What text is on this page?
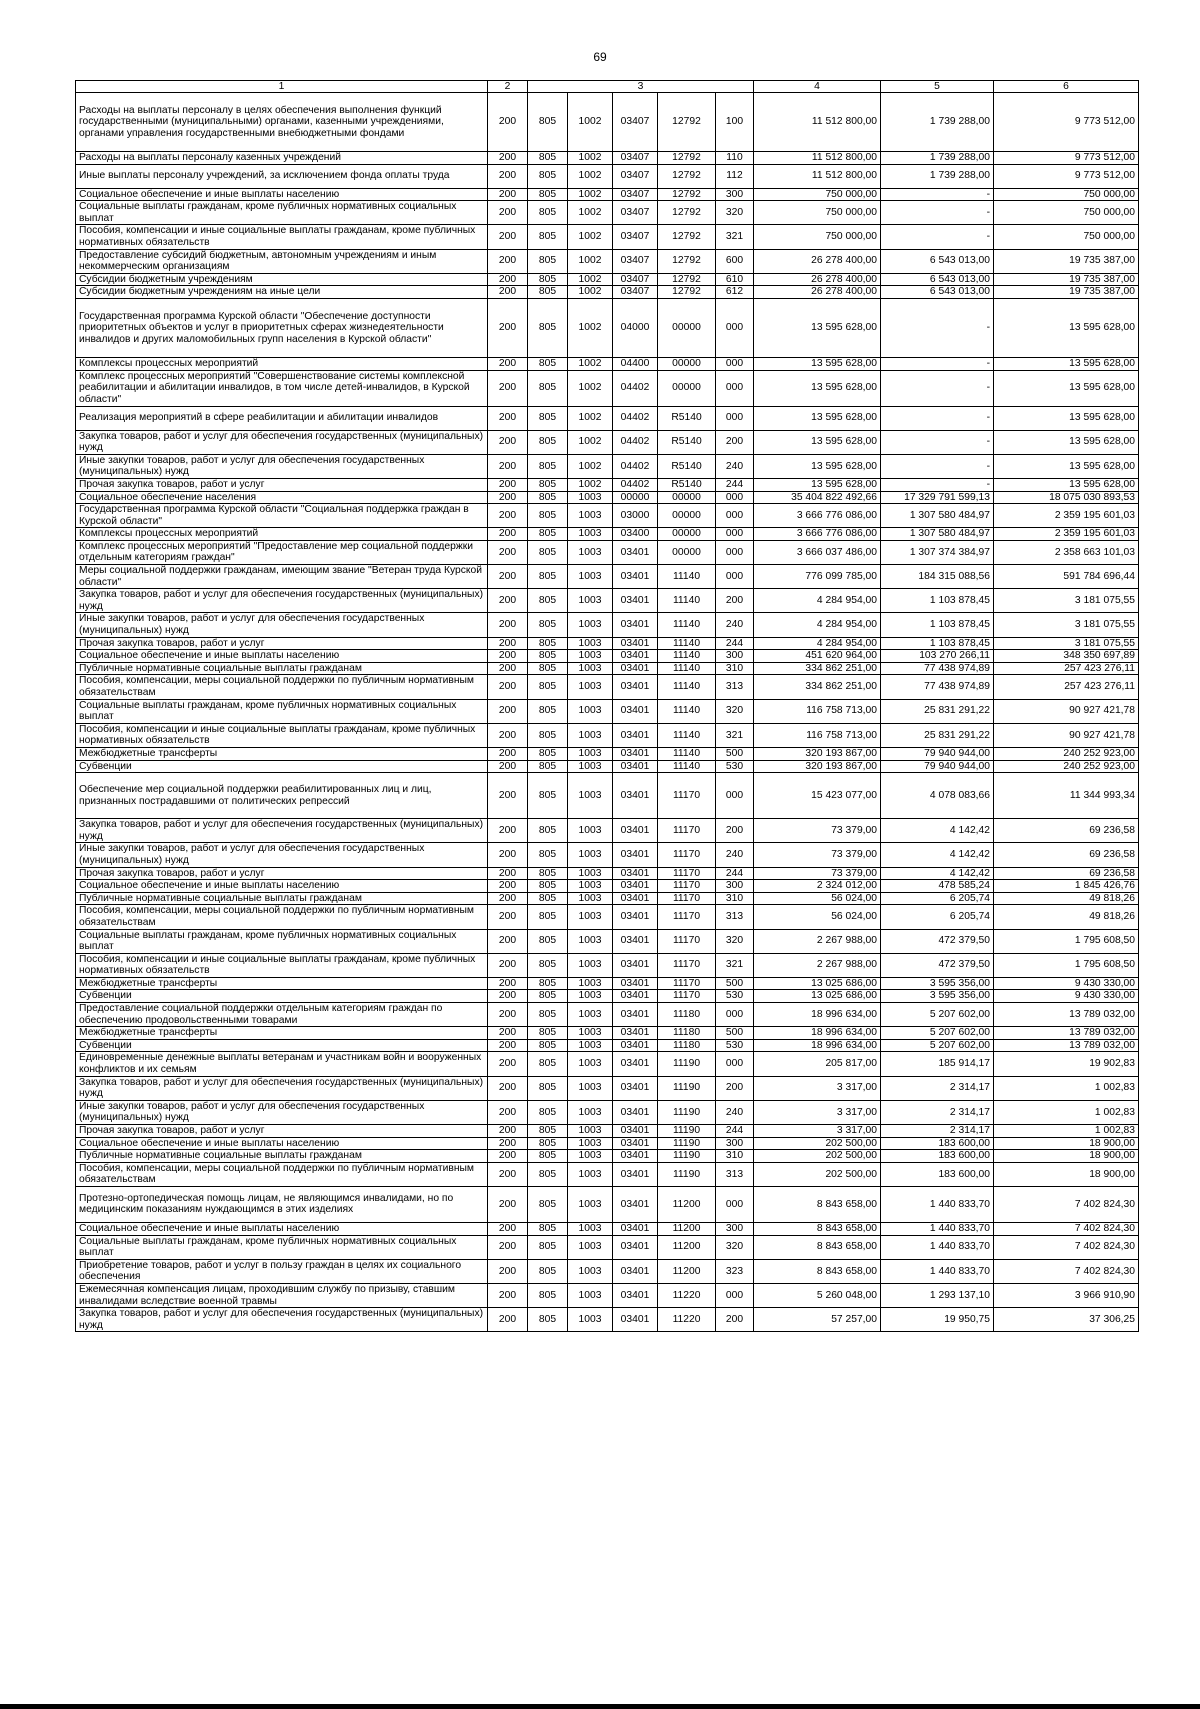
69
1	2	3					4	5	6
Расходы на выплаты персоналу в целях обеспечения выполнения функций государственными (муниципальными) органами, казенными учреждениями, органами управления государственными внебюджетными фондами	200	805	1002	03407	12792	100	11 512 800,00	1 739 288,00	9 773 512,00
Расходы на выплаты персоналу казенных учреждений	200	805	1002	03407	12792	110	11 512 800,00	1 739 288,00	9 773 512,00
Иные выплаты персоналу учреждений, за исключением фонда оплаты труда	200	805	1002	03407	12792	112	11 512 800,00	1 739 288,00	9 773 512,00
Социальное обеспечение и иные выплаты населению	200	805	1002	03407	12792	300	750 000,00	-	750 000,00
Социальные выплаты гражданам, кроме публичных нормативных социальных выплат	200	805	1002	03407	12792	320	750 000,00	-	750 000,00
Пособия, компенсации и иные социальные выплаты гражданам, кроме публичных нормативных обязательств	200	805	1002	03407	12792	321	750 000,00	-	750 000,00
Предоставление субсидий бюджетным, автономным учреждениям и иным некоммерческим организациям	200	805	1002	03407	12792	600	26 278 400,00	6 543 013,00	19 735 387,00
Субсидии бюджетным учреждениям	200	805	1002	03407	12792	610	26 278 400,00	6 543 013,00	19 735 387,00
Субсидии бюджетным учреждениям на иные цели	200	805	1002	03407	12792	612	26 278 400,00	6 543 013,00	19 735 387,00
Государственная программа Курской области "Обеспечение доступности приоритетных объектов и услуг в приоритетных сферах жизнедеятельности инвалидов и других маломобильных групп населения в Курской области"	200	805	1002	04000	00000	000	13 595 628,00	-	13 595 628,00
Комплексы процессных мероприятий	200	805	1002	04400	00000	000	13 595 628,00	-	13 595 628,00
Комплекс процессных мероприятий "Совершенствование системы комплексной реабилитации и абилитации инвалидов, в том числе детей-инвалидов, в Курской области"	200	805	1002	04402	00000	000	13 595 628,00	-	13 595 628,00
Реализация мероприятий в сфере реабилитации и абилитации инвалидов	200	805	1002	04402	R5140	000	13 595 628,00	-	13 595 628,00
Закупка товаров, работ и услуг для обеспечения государственных (муниципальных) нужд	200	805	1002	04402	R5140	200	13 595 628,00	-	13 595 628,00
Иные закупки товаров, работ и услуг для обеспечения государственных (муниципальных) нужд	200	805	1002	04402	R5140	240	13 595 628,00	-	13 595 628,00
Прочая закупка товаров, работ и услуг	200	805	1002	04402	R5140	244	13 595 628,00	-	13 595 628,00
Социальное обеспечение населения	200	805	1003	00000	00000	000	35 404 822 492,66	17 329 791 599,13	18 075 030 893,53
Государственная программа Курской области "Социальная поддержка граждан в Курской области"	200	805	1003	03000	00000	000	3 666 776 086,00	1 307 580 484,97	2 359 195 601,03
Комплексы процессных мероприятий	200	805	1003	03400	00000	000	3 666 776 086,00	1 307 580 484,97	2 359 195 601,03
Комплекс процессных мероприятий "Предоставление мер социальной поддержки отдельным категориям граждан"	200	805	1003	03401	00000	000	3 666 037 486,00	1 307 374 384,97	2 358 663 101,03
Меры социальной поддержки гражданам, имеющим звание "Ветеран труда Курской области"	200	805	1003	03401	11140	000	776 099 785,00	184 315 088,56	591 784 696,44
Закупка товаров, работ и услуг для обеспечения государственных (муниципальных) нужд	200	805	1003	03401	11140	200	4 284 954,00	1 103 878,45	3 181 075,55
Иные закупки товаров, работ и услуг для обеспечения государственных (муниципальных) нужд	200	805	1003	03401	11140	240	4 284 954,00	1 103 878,45	3 181 075,55
Прочая закупка товаров, работ и услуг	200	805	1003	03401	11140	244	4 284 954,00	1 103 878,45	3 181 075,55
Социальное обеспечение и иные выплаты населению	200	805	1003	03401	11140	300	451 620 964,00	103 270 266,11	348 350 697,89
Публичные нормативные социальные выплаты гражданам	200	805	1003	03401	11140	310	334 862 251,00	77 438 974,89	257 423 276,11
Пособия, компенсации, меры социальной поддержки по публичным нормативным обязательствам	200	805	1003	03401	11140	313	334 862 251,00	77 438 974,89	257 423 276,11
Социальные выплаты гражданам, кроме публичных нормативных социальных выплат	200	805	1003	03401	11140	320	116 758 713,00	25 831 291,22	90 927 421,78
Пособия, компенсации и иные социальные выплаты гражданам, кроме публичных нормативных обязательств	200	805	1003	03401	11140	321	116 758 713,00	25 831 291,22	90 927 421,78
Межбюджетные трансферты	200	805	1003	03401	11140	500	320 193 867,00	79 940 944,00	240 252 923,00
Субвенции	200	805	1003	03401	11140	530	320 193 867,00	79 940 944,00	240 252 923,00
Обеспечение мер социальной поддержки реабилитированных лиц и лиц, признанных пострадавшими от политических репрессий	200	805	1003	03401	11170	000	15 423 077,00	4 078 083,66	11 344 993,34
Закупка товаров, работ и услуг для обеспечения государственных (муниципальных) нужд	200	805	1003	03401	11170	200	73 379,00	4 142,42	69 236,58
Иные закупки товаров, работ и услуг для обеспечения государственных (муниципальных) нужд	200	805	1003	03401	11170	240	73 379,00	4 142,42	69 236,58
Прочая закупка товаров, работ и услуг	200	805	1003	03401	11170	244	73 379,00	4 142,42	69 236,58
Социальное обеспечение и иные выплаты населению	200	805	1003	03401	11170	300	2 324 012,00	478 585,24	1 845 426,76
Публичные нормативные социальные выплаты гражданам	200	805	1003	03401	11170	310	56 024,00	6 205,74	49 818,26
Пособия, компенсации, меры социальной поддержки по публичным нормативным обязательствам	200	805	1003	03401	11170	313	56 024,00	6 205,74	49 818,26
Социальные выплаты гражданам, кроме публичных нормативных социальных выплат	200	805	1003	03401	11170	320	2 267 988,00	472 379,50	1 795 608,50
Пособия, компенсации и иные социальные выплаты гражданам, кроме публичных нормативных обязательств	200	805	1003	03401	11170	321	2 267 988,00	472 379,50	1 795 608,50
Межбюджетные трансферты	200	805	1003	03401	11170	500	13 025 686,00	3 595 356,00	9 430 330,00
Субвенции	200	805	1003	03401	11170	530	13 025 686,00	3 595 356,00	9 430 330,00
Предоставление социальной поддержки отдельным категориям граждан по обеспечению продовольственными товарами	200	805	1003	03401	11180	000	18 996 634,00	5 207 602,00	13 789 032,00
Межбюджетные трансферты	200	805	1003	03401	11180	500	18 996 634,00	5 207 602,00	13 789 032,00
Субвенции	200	805	1003	03401	11180	530	18 996 634,00	5 207 602,00	13 789 032,00
Единовременные денежные выплаты ветеранам и участникам войн и вооруженных конфликтов и их семьям	200	805	1003	03401	11190	000	205 817,00	185 914,17	19 902,83
Закупка товаров, работ и услуг для обеспечения государственных (муниципальных) нужд	200	805	1003	03401	11190	200	3 317,00	2 314,17	1 002,83
Иные закупки товаров, работ и услуг для обеспечения государственных (муниципальных) нужд	200	805	1003	03401	11190	240	3 317,00	2 314,17	1 002,83
Прочая закупка товаров, работ и услуг	200	805	1003	03401	11190	244	3 317,00	2 314,17	1 002,83
Социальное обеспечение и иные выплаты населению	200	805	1003	03401	11190	300	202 500,00	183 600,00	18 900,00
Публичные нормативные социальные выплаты гражданам	200	805	1003	03401	11190	310	202 500,00	183 600,00	18 900,00
Пособия, компенсации, меры социальной поддержки по публичным нормативным обязательствам	200	805	1003	03401	11190	313	202 500,00	183 600,00	18 900,00
Протезно-ортопедическая помощь лицам, не являющимся инвалидами, но по медицинским показаниям нуждающимся в этих изделиях	200	805	1003	03401	11200	000	8 843 658,00	1 440 833,70	7 402 824,30
Социальное обеспечение и иные выплаты населению	200	805	1003	03401	11200	300	8 843 658,00	1 440 833,70	7 402 824,30
Социальные выплаты гражданам, кроме публичных нормативных социальных выплат	200	805	1003	03401	11200	320	8 843 658,00	1 440 833,70	7 402 824,30
Приобретение товаров, работ и услуг в пользу граждан в целях их социального обеспечения	200	805	1003	03401	11200	323	8 843 658,00	1 440 833,70	7 402 824,30
Ежемесячная компенсация лицам, проходившим службу по призыву, ставшим инвалидами вследствие военной травмы	200	805	1003	03401	11220	000	5 260 048,00	1 293 137,10	3 966 910,90
Закупка товаров, работ и услуг для обеспечения государственных (муниципальных) нужд	200	805	1003	03401	11220	200	57 257,00	19 950,75	37 306,25
